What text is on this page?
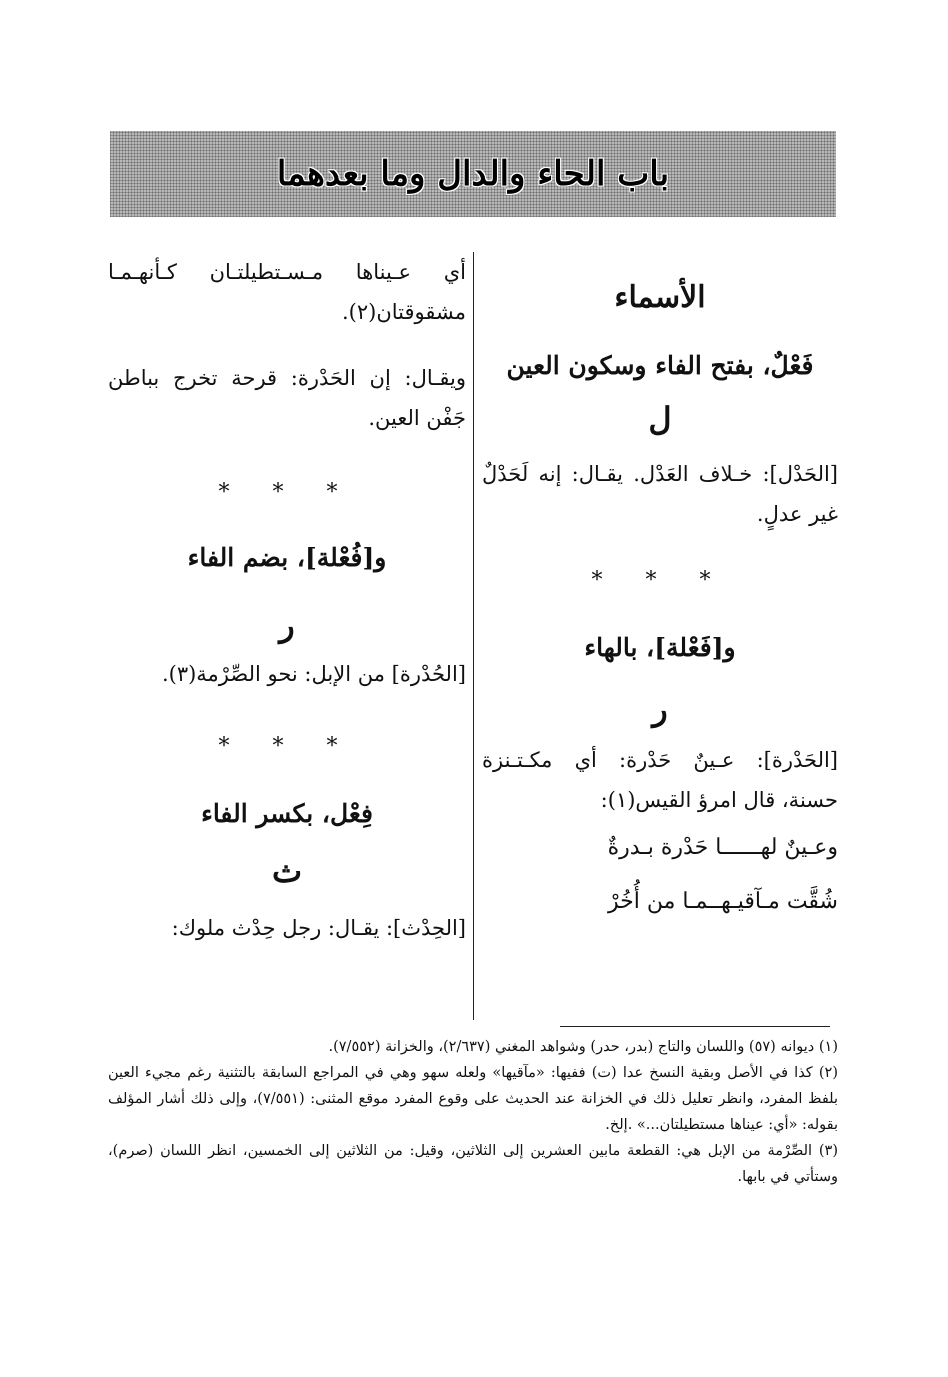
باب الحاء والدال وما بعدهما

الأسماء

فَعْلٌ، بفتح الفاء وسكون العين

ل

[الحَدْل]: خـلاف العَدْل. يقـال: إنه لَحَدْلٌ غير عدلٍ.

* * *

و[فَعْلة]، بالهاء

ر

[الحَدْرة]: عـينٌ حَدْرة: أي مكـتـنزة حسنة، قال امرؤ القيس(١):

وعـينٌ لهــــــا حَدْرة بـدرةٌ

شُقَّت مـآقيـهــمـا من أُخُرْ

أي عـيناها مـسـتطيلتـان كـأنهـمـا مشقوقتان(٢).

ويقـال: إن الحَدْرة: قرحة تخرج بباطن جَفْن العين.

* * *

و[فُعْلة]، بضم الفاء

ر

[الحُدْرة] من الإبل: نحو الصِّرْمة(٣).

* * *

فِعْل، بكسر الفاء

ث

[الحِدْث]: يقـال: رجل حِدْث ملوك:

(١) ديوانه (٥٧) واللسان والتاج (بدر، حدر) وشواهد المغني (٢/٦٣٧)، والخزانة (٧/٥٥٢).

(٢) كذا في الأصل وبقية النسخ عدا (ت) ففيها: «مآقيها» ولعله سهو وهي في المراجع السابقة بالتثنية رغم مجيء العين بلفظ المفرد، وانظر تعليل ذلك في الخزانة عند الحديث على وقوع المفرد موقع المثنى: (٧/٥٥١)، وإلى ذلك أشار المؤلف بقوله: «أي: عيناها مستطيلتان...» .إلخ.

(٣) الصِّرْمة من الإبل هي: القطعة مابين العشرين إلى الثلاثين، وقيل: من الثلاثين إلى الخمسين، انظر اللسان (صرم)، وستأتي في بابها.
